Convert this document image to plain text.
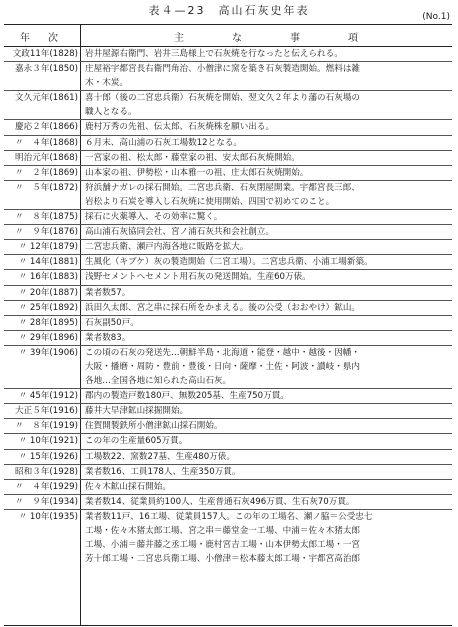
表４—23　高山石灰史年表	(No.1)
年　次	主	な	事	項
文政11年(1828) 岩井屋源右衛門、岩井三島様上で石灰焼を行なったと伝えられる。
嘉永３年(1850) 庄屋裕宇都宮長右衛門角治、小僧津に窯を築き石灰製造開始。燃料は雑
木・木炭。
文久元年(1861) 喜十郎（後の二宮忠兵衛）石灰焼を開始、翌文久２年より藩の石灰場の
職人となる。
慶応２年(1866) 鹿村万秀の先祖、伝太郎、石灰焼株を願い出る。
〃　４年(1868) ６月末、高山浦の石灰工場数12となる。
明治元年(1868) 一宮家の祖、松太郎・藤堂家の祖、安太郎石灰焼開始。
〃　２年(1869) 山本家の祖、伊勢松・山本雅一の祖、庄太郎石灰焼開始。
〃　５年(1872) 狩浜舗ナガレの採石開始。二宮忠兵衛、石灰閉屋開業。宇都宮長三郎、
岩松より石炭を導入し石灰焼に使用開始、四国で初めてのこと。
〃　８年(1875) 採石に火薬導入、その効率に驚く。
〃　９年(1876) 高山浦石灰協同会社、宮ノ浦石灰共和会社創立。
〃 12年(1879) 二宮忠兵衛、瀬戸内海各地に販路を拡大。
〃 14年(1881) 生風化（キブケ）灰の製造開始（二宮工場）。二宮忠兵衛、小浦工場新築。
〃 16年(1883) 浅野セメントへセメント用石灰の発送開始。生産60万俵。
〃 20年(1887) 業者数57。
〃 25年(1892) 浜田久太郎、宮之串に採石所をかまえる。後の公受（おおやけ）鉱山。
〃 28年(1895) 石灰副50戸。
〃 29年(1896) 業者数83。
〃 39年(1906) この頃の石灰の発送先…朝鮮半島・北海道・能登・越中・越後・因幡・
大阪・播磨・周防・豊前・豊後・日向・薩摩・土佐・阿波・讃岐・県内
各地…全国各地に知られた高山石灰。
〃 45年(1912) 郡内の製造戸数180戸、無数205基、生産750万貫。
大正５年(1916) 藤井大早津鉱山採掘開始。
〃　８年(1919) 住賀開製鉄所小僧津鉱山採石開始。
〃 10年(1921) この年の生産量605万貫。
〃 15年(1926) 工場数22、窯数27基、生産480万俵。
昭和３年(1928) 業者数16、工員178人、生産350万貫。
〃　４年(1929) 佐々木鉱山採石開始。
〃　９年(1934) 業者数14、従業員約100人、生産普通石灰496万貫、生石灰70万貫。
〃 10年(1935) 業者数11戸、16工場、従業員157人。この年の工場名、瀬ノ脇＝公受忠七
工場・佐々木猪太郎工場、宮之串＝藤堂金一工場、中浦＝佐々木猪太郎
工場、小浦＝藤井藤之丞工場・鹿村宮吉工場・山本伊勢太郎工場・一宮
芳十郎工場・二宮忠兵衛工場、小僧津＝松本藤太郎工場・宇都宮高治郎
